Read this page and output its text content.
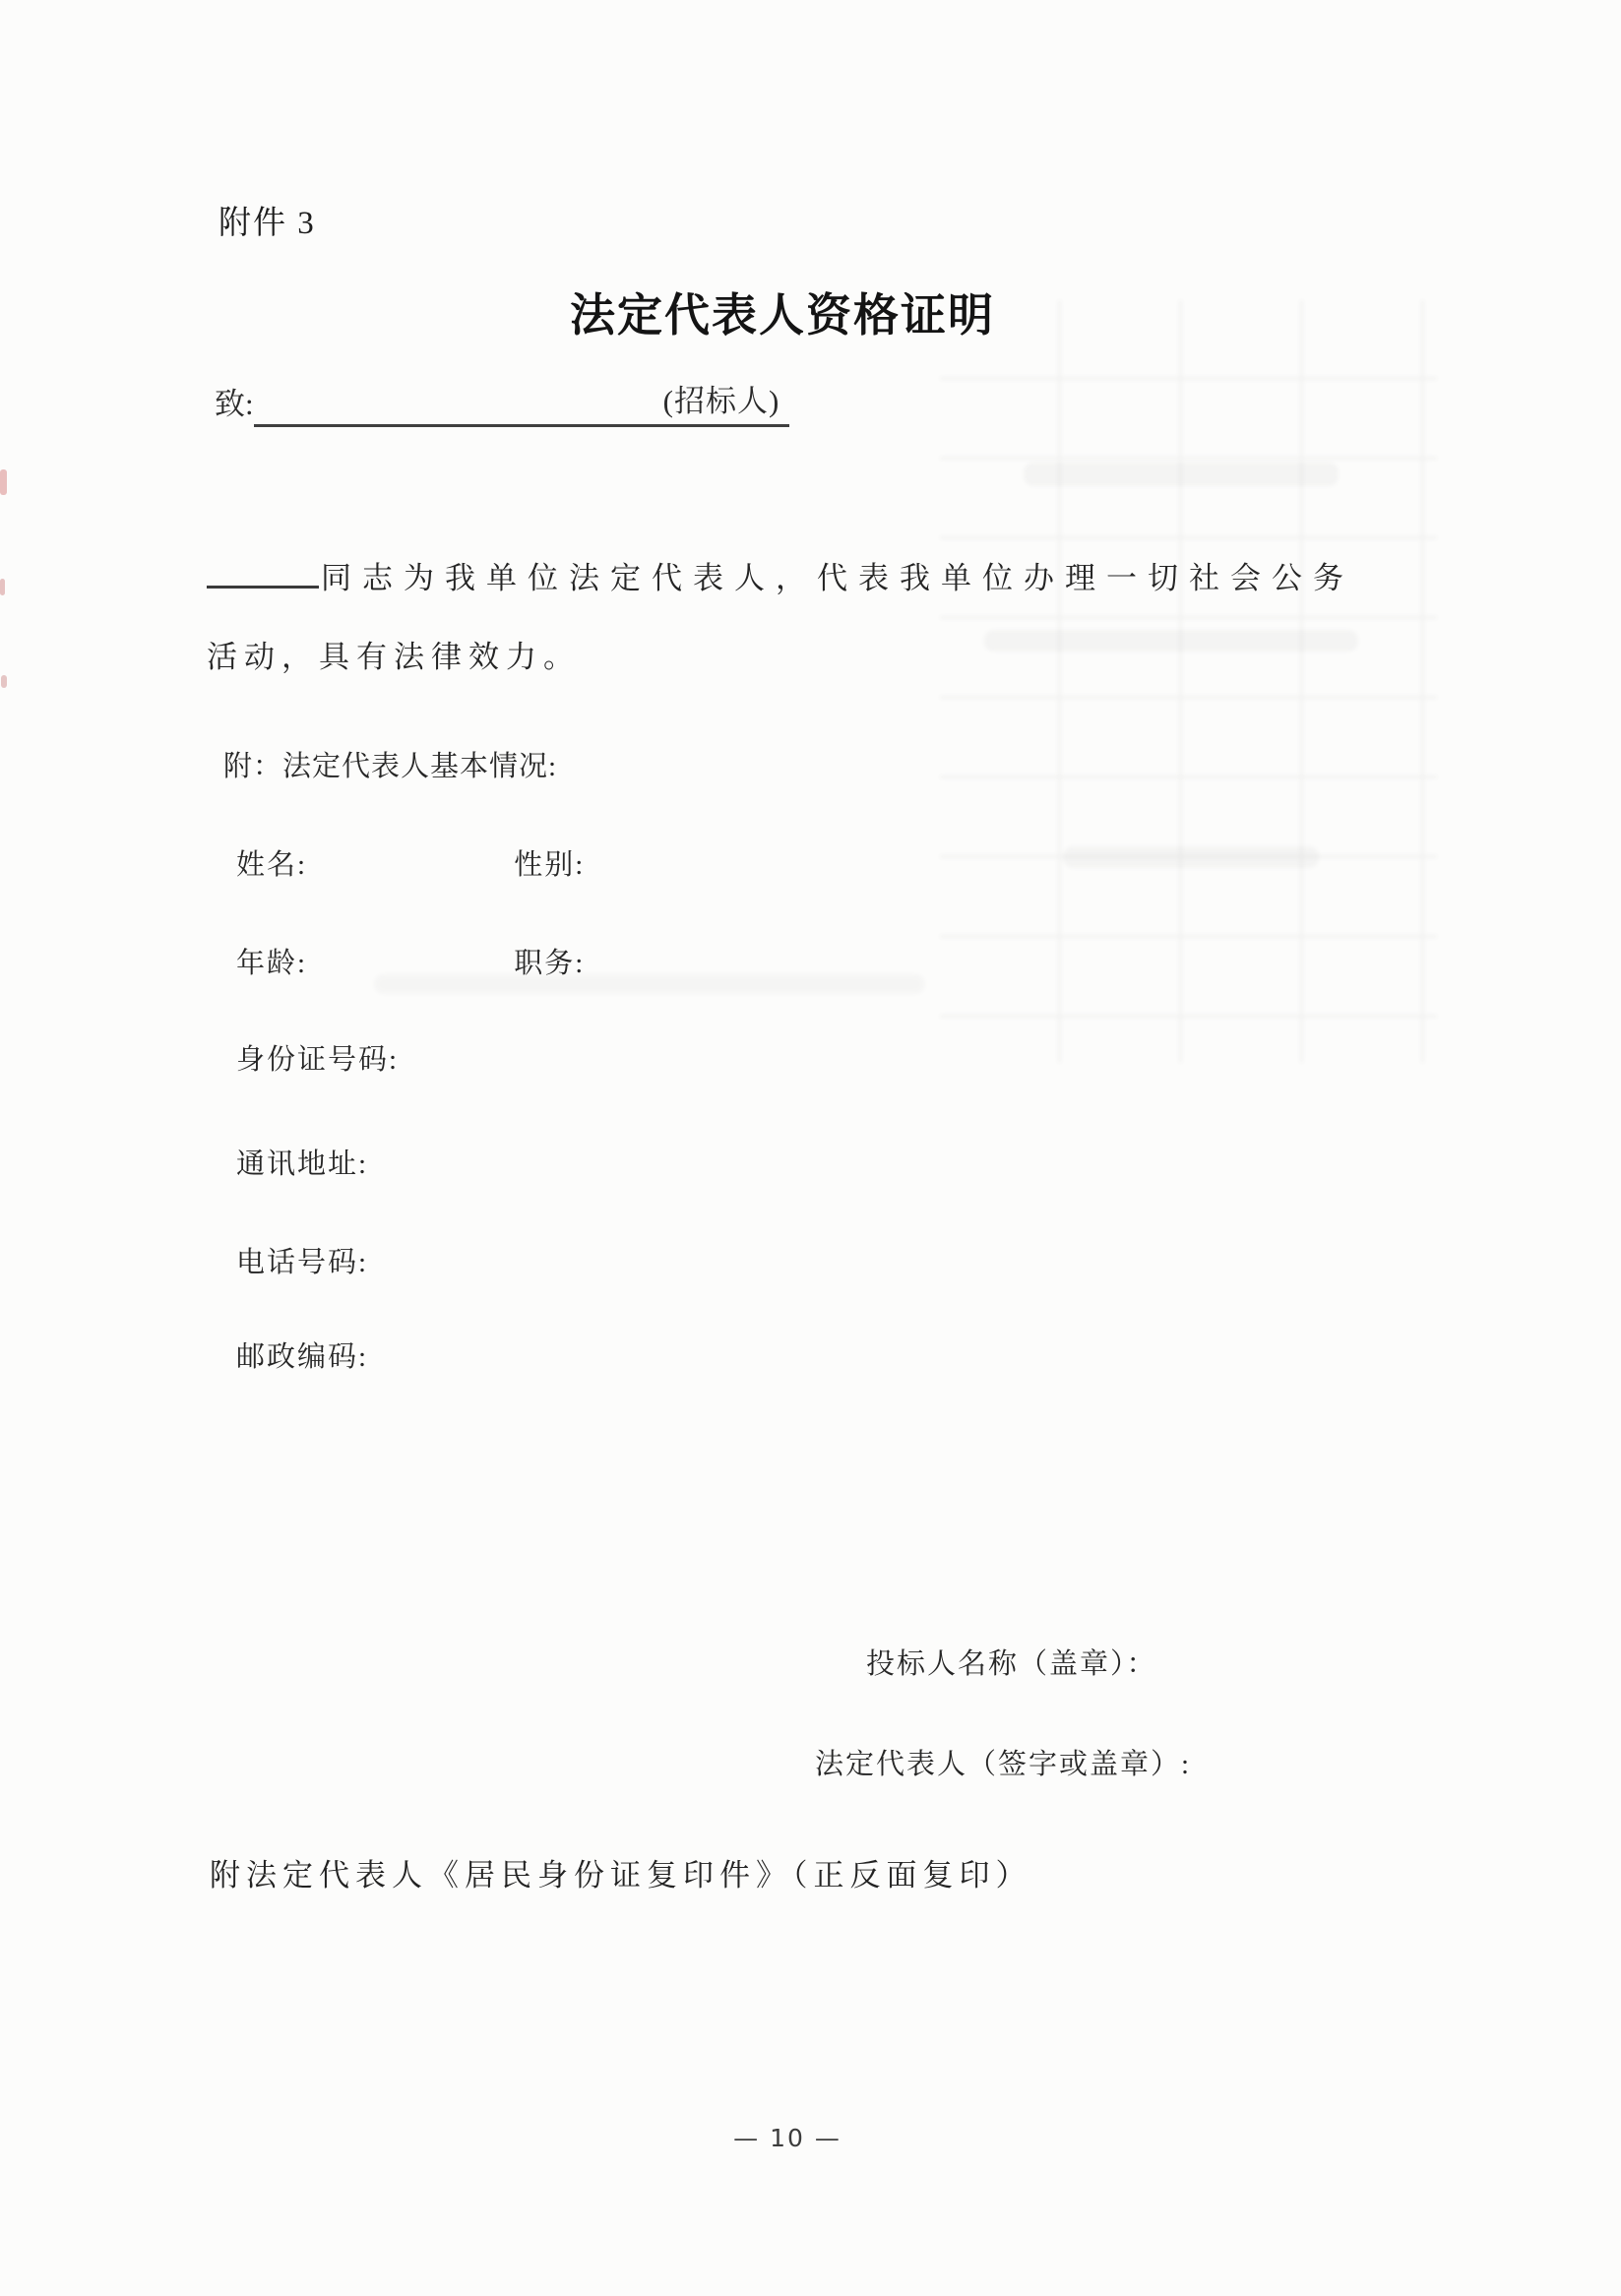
附件 3
法定代表人资格证明
致:	(招标人)
同志为我单位法定代表人，代表我单位办理一切社会公务
活动，具有法律效力。
附：法定代表人基本情况:
姓名:	性别:
年龄:	职务:
身份证号码:
通讯地址:
电话号码:
邮政编码:
投标人名称（盖章）：
法定代表人（签字或盖章）:
附法定代表人《居民身份证复印件》（正反面复印）
— 10 —
